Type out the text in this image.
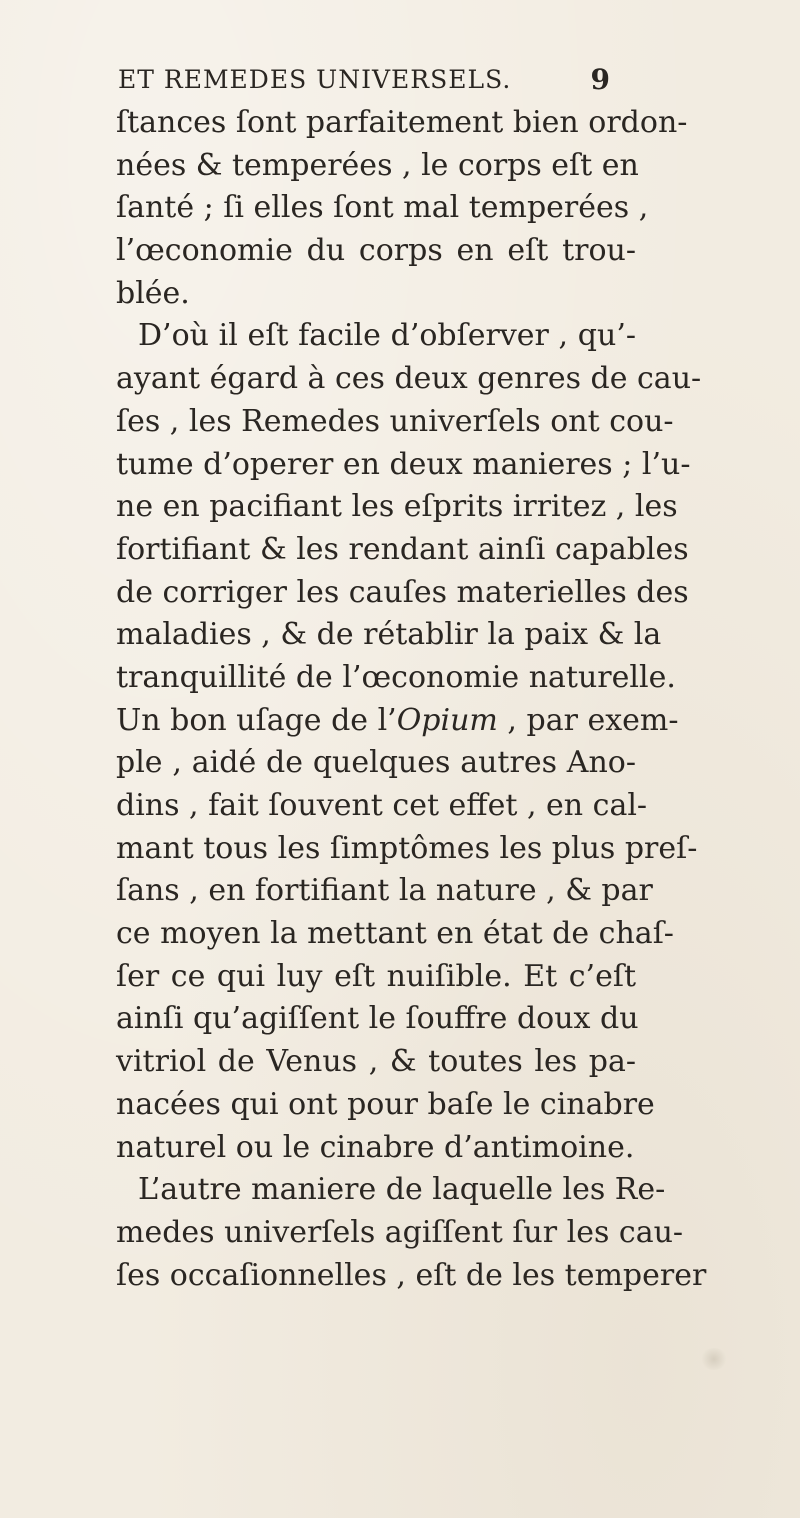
ET REMEDES UNIVERSELS.	9
ſtances ſont parfaitement bien ordon-
nées & temperées , le corps eſt en
ſanté ; ſi elles ſont mal temperées ,
l’œconomie du corps en eſt trou-
blée.
D’où il eſt facile d’obſerver , qu’-
ayant égard à ces deux genres de cau-
ſes , les Remedes univerſels ont cou-
tume d’operer en deux manieres ; l’u-
ne en pacifiant les eſprits irritez , les
fortifiant & les rendant ainſi capables
de corriger les cauſes materielles des
maladies , & de rétablir la paix & la
tranquillité de l’œconomie naturelle.
Un bon uſage de l’Opium , par exem-
ple , aidé de quelques autres Ano-
dins , fait ſouvent cet effet , en cal-
mant tous les ſimptômes les plus preſ-
ſans , en fortifiant la nature , & par
ce moyen la mettant en état de chaſ-
ſer ce qui luy eſt nuiſible. Et c’eſt
ainſi qu’agiſſent le ſouffre doux du
vitriol de Venus , & toutes les pa-
nacées qui ont pour baſe le cinabre
naturel ou le cinabre d’antimoine.
L’autre maniere de laquelle les Re-
medes univerſels agiſſent ſur les cau-
ſes occaſionnelles , eſt de les temperer
